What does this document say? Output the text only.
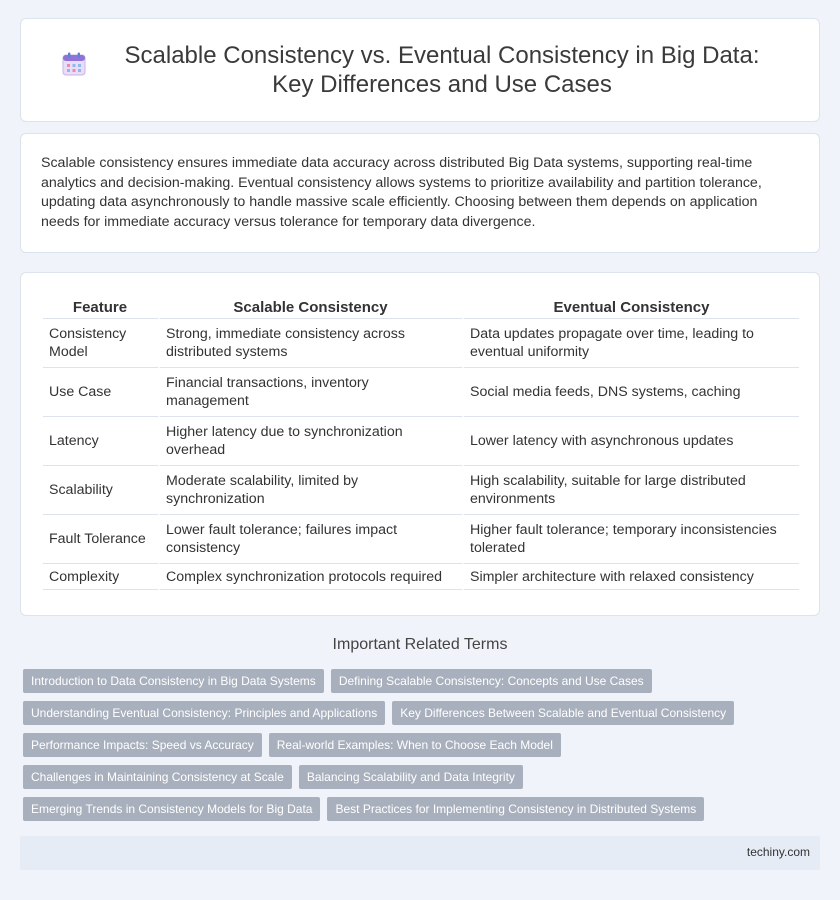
Scalable Consistency vs. Eventual Consistency in Big Data: Key Differences and Use Cases

Scalable consistency ensures immediate data accuracy across distributed Big Data systems, supporting real-time analytics and decision-making. Eventual consistency allows systems to prioritize availability and partition tolerance, updating data asynchronously to handle massive scale efficiently. Choosing between them depends on application needs for immediate accuracy versus tolerance for temporary data divergence.

Feature	Scalable Consistency	Eventual Consistency
Consistency Model	Strong, immediate consistency across distributed systems	Data updates propagate over time, leading to eventual uniformity
Use Case	Financial transactions, inventory management	Social media feeds, DNS systems, caching
Latency	Higher latency due to synchronization overhead	Lower latency with asynchronous updates
Scalability	Moderate scalability, limited by synchronization	High scalability, suitable for large distributed environments
Fault Tolerance	Lower fault tolerance; failures impact consistency	Higher fault tolerance; temporary inconsistencies tolerated
Complexity	Complex synchronization protocols required	Simpler architecture with relaxed consistency
Important Related Terms
Introduction to Data Consistency in Big Data Systems	Defining Scalable Consistency: Concepts and Use Cases
Understanding Eventual Consistency: Principles and Applications	Key Differences Between Scalable and Eventual Consistency
Performance Impacts: Speed vs Accuracy	Real-world Examples: When to Choose Each Model
Challenges in Maintaining Consistency at Scale	Balancing Scalability and Data Integrity
Emerging Trends in Consistency Models for Big Data	Best Practices for Implementing Consistency in Distributed Systems
techiny.com
